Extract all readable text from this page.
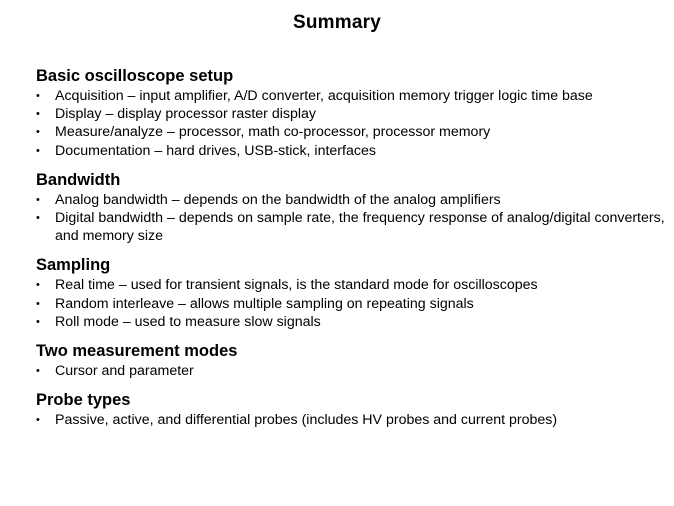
Summary
Basic oscilloscope setup
• Acquisition – input amplifier, A/D converter, acquisition memory trigger logic time base
• Display – display processor raster display
• Measure/analyze – processor, math co-processor, processor memory
• Documentation – hard drives, USB-stick, interfaces
Bandwidth
• Analog bandwidth – depends on the bandwidth of the analog amplifiers
• Digital bandwidth – depends on sample rate, the frequency response of analog/digital converters, and memory size
Sampling
• Real time – used for transient signals, is the standard mode for oscilloscopes
• Random interleave – allows multiple sampling on repeating signals
• Roll mode – used to measure slow signals
Two measurement modes
• Cursor and parameter
Probe types
• Passive, active, and differential probes (includes HV probes and current probes)
